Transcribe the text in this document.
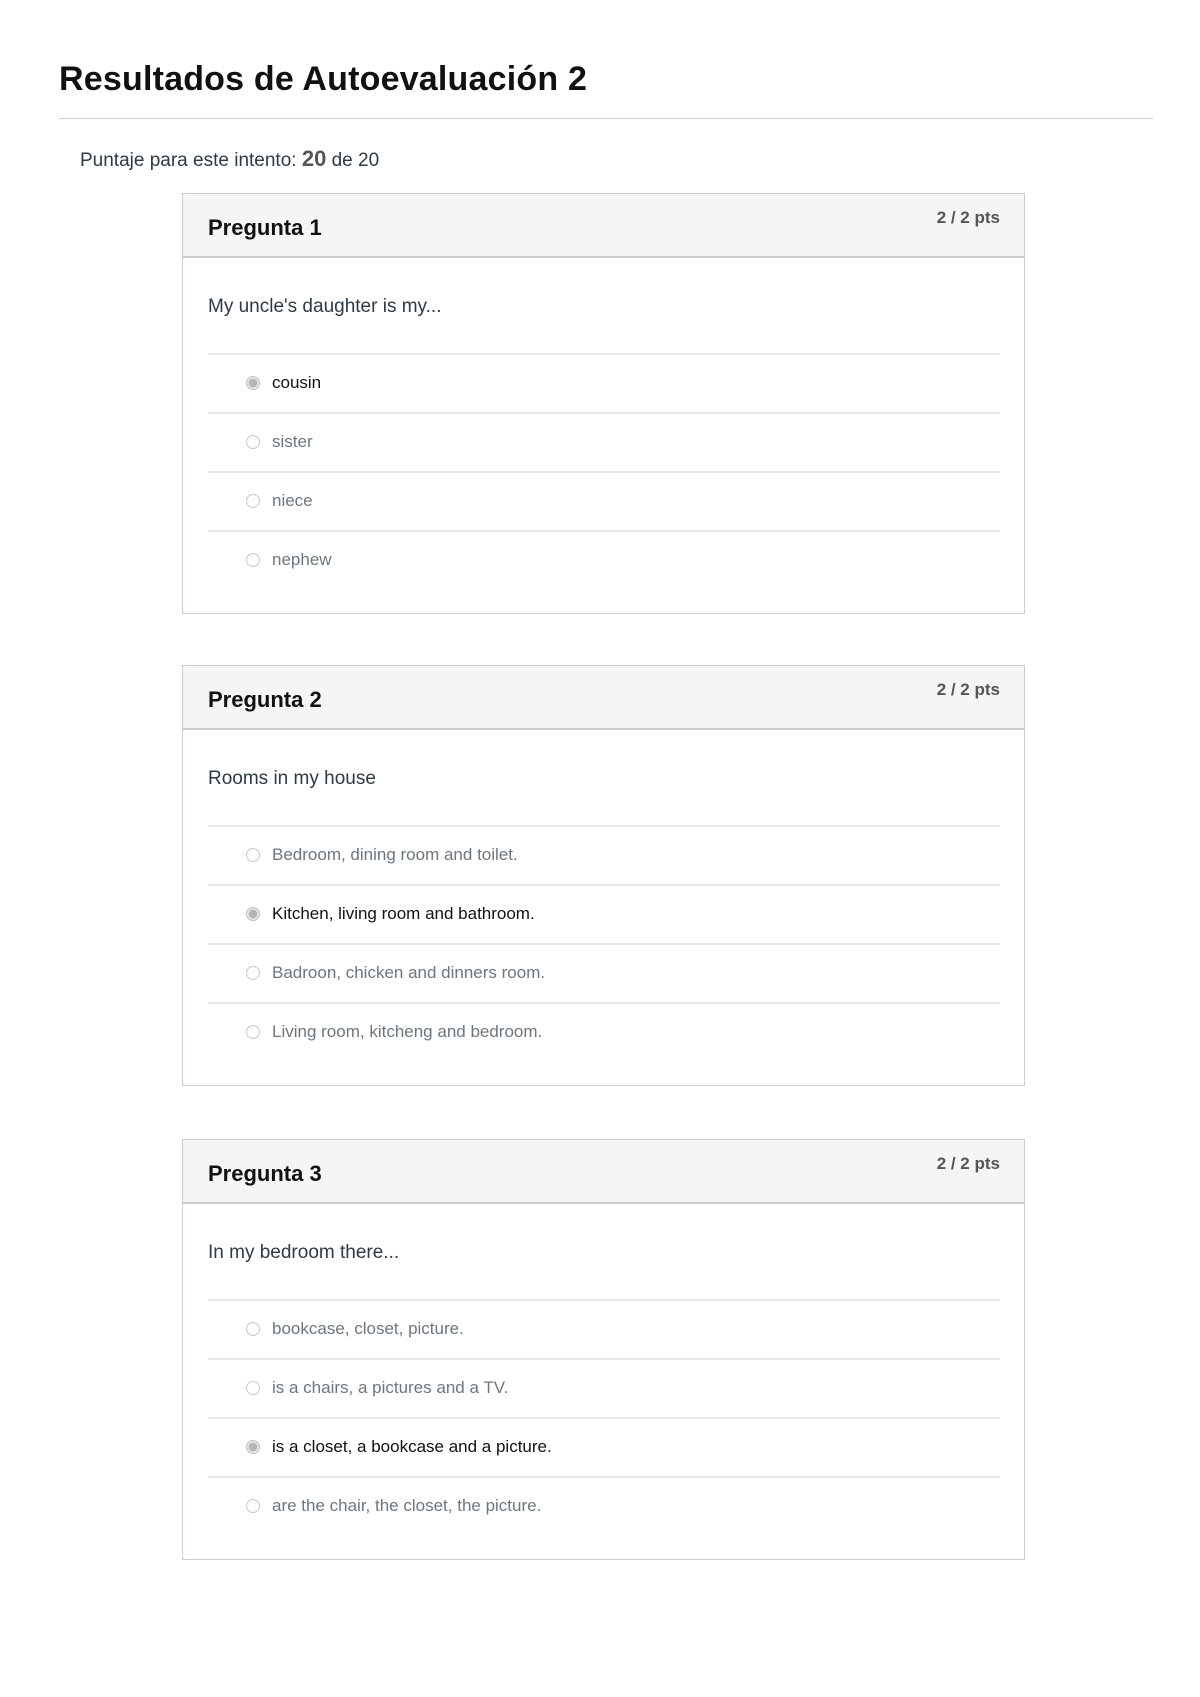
Resultados de Autoevaluación 2
Puntaje para este intento: 20 de 20
Pregunta 1	2 / 2 pts
My uncle's daughter is my...
cousin
sister
niece
nephew
Pregunta 2	2 / 2 pts
Rooms in my house
Bedroom, dining room and toilet.
Kitchen, living room and bathroom.
Badroon, chicken and dinners room.
Living room, kitcheng and bedroom.
Pregunta 3	2 / 2 pts
In my bedroom there...
bookcase, closet, picture.
is a chairs, a pictures and a TV.
is a closet, a bookcase and a picture.
are the chair, the closet, the picture.
